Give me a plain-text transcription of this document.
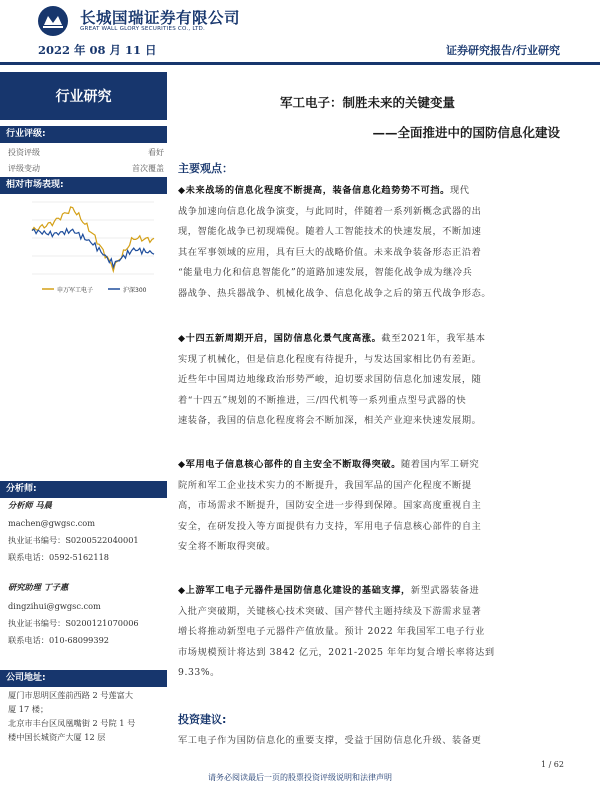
长城国瑞证券有限公司
GREAT WALL GLORY SECURITIES CO., LTD.
2022 年 08 月 11 日	证券研究报告/行业研究
行业研究
行业评级:
投资评级	看好
评级变动	首次覆盖
相对市场表现:
申万军工电子	沪深300
分析师:
分析师 马晨
machen@gwgsc.com
执业证书编号：S0200522040001
联系电话：0592-5162118
研究助理 丁子惠
dingzihui@gwgsc.com
执业证书编号：S0200121070006
联系电话：010-68099392
公司地址:
厦门市思明区莲前西路 2 号莲富大
厦 17 楼；
北京市丰台区凤凰嘴街 2 号院 1 号
楼中国长城资产大厦 12 层
军工电子：制胜未来的关键变量
——全面推进中的国防信息化建设
主要观点：
◆未来战场的信息化程度不断提高，装备信息化趋势势不可挡。现代
战争加速向信息化战争演变，与此同时，伴随着一系列新概念武器的出
现，智能化战争已初现端倪。随着人工智能技术的快速发展，不断加速
其在军事领域的应用，具有巨大的战略价值。未来战争装备形态正沿着
“能量电力化和信息智能化”的道路加速发展，智能化战争成为继冷兵
器战争、热兵器战争、机械化战争、信息化战争之后的第五代战争形态。
◆十四五新周期开启，国防信息化景气度高涨。截至2021年，我军基本
实现了机械化，但是信息化程度有待提升，与发达国家相比仍有差距。
近些年中国周边地缘政治形势严峻，迫切要求国防信息化加速发展，随
着“十四五”规划的不断推进，三/四代机等一系列重点型号武器的快
速装备，我国的信息化程度将会不断加深，相关产业迎来快速发展期。
◆军用电子信息核心部件的自主安全不断取得突破。随着国内军工研究
院所和军工企业技术实力的不断提升，我国军品的国产化程度不断提
高，市场需求不断提升，国防安全进一步得到保障。国家高度重视自主
安全，在研发投入等方面提供有力支持，军用电子信息核心部件的自主
安全将不断取得突破。
◆上游军工电子元器件是国防信息化建设的基础支撑，新型武器装备进
入批产突破期，关键核心技术突破、国产替代主题持续及下游需求显著
增长将推动新型电子元器件产值放量。预计 2022 年我国军工电子行业
市场规模预计将达到 3842 亿元，2021-2025 年年均复合增长率将达到
9.33%。
投资建议:
军工电子作为国防信息化的重要支撑，受益于国防信息化升级、装备更
1 / 62
请务必阅读最后一页的股票投资评级说明和法律声明
